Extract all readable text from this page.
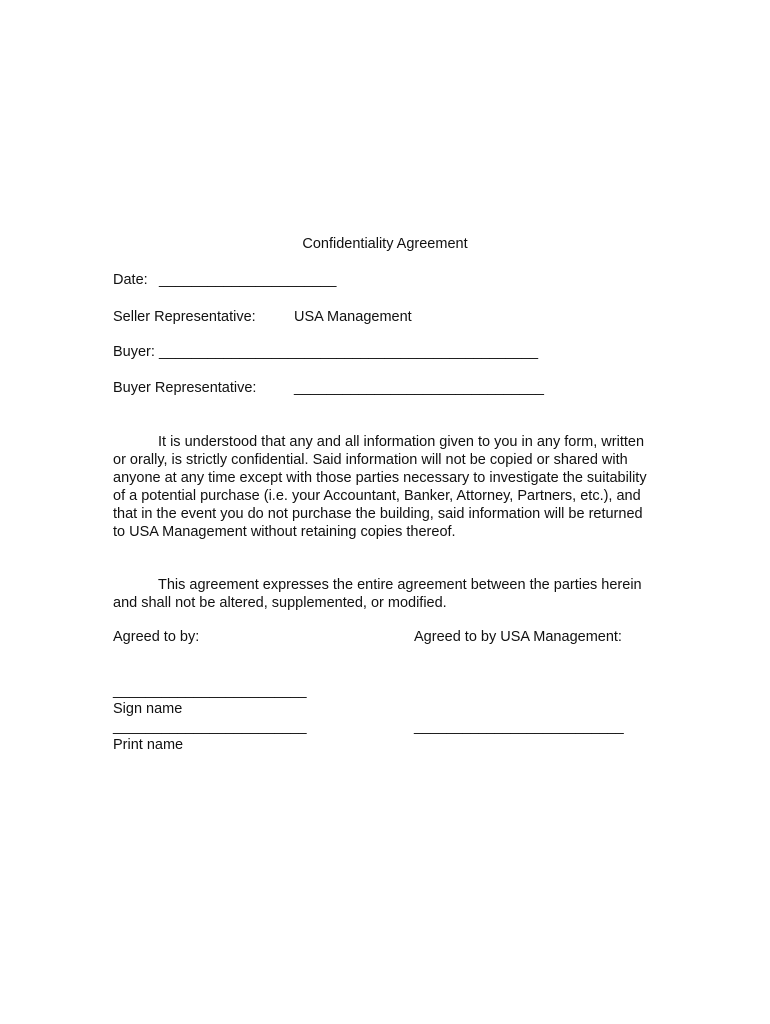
Confidentiality Agreement
Date: ______________________
Seller Representative:	USA Management
Buyer: _______________________________________________
Buyer Representative:	_______________________________
It is understood that any and all information given to you in any form, written or orally, is strictly confidential. Said information will not be copied or shared with anyone at any time except with those parties necessary to investigate the suitability of a potential purchase (i.e. your Accountant, Banker, Attorney, Partners, etc.), and that in the event you do not purchase the building, said information will be returned to USA Management without retaining copies thereof.
This agreement expresses the entire agreement between the parties herein and shall not be altered, supplemented, or modified.
Agreed to by:	Agreed to by USA Management:
________________________
Sign name
________________________
Print name
__________________________
